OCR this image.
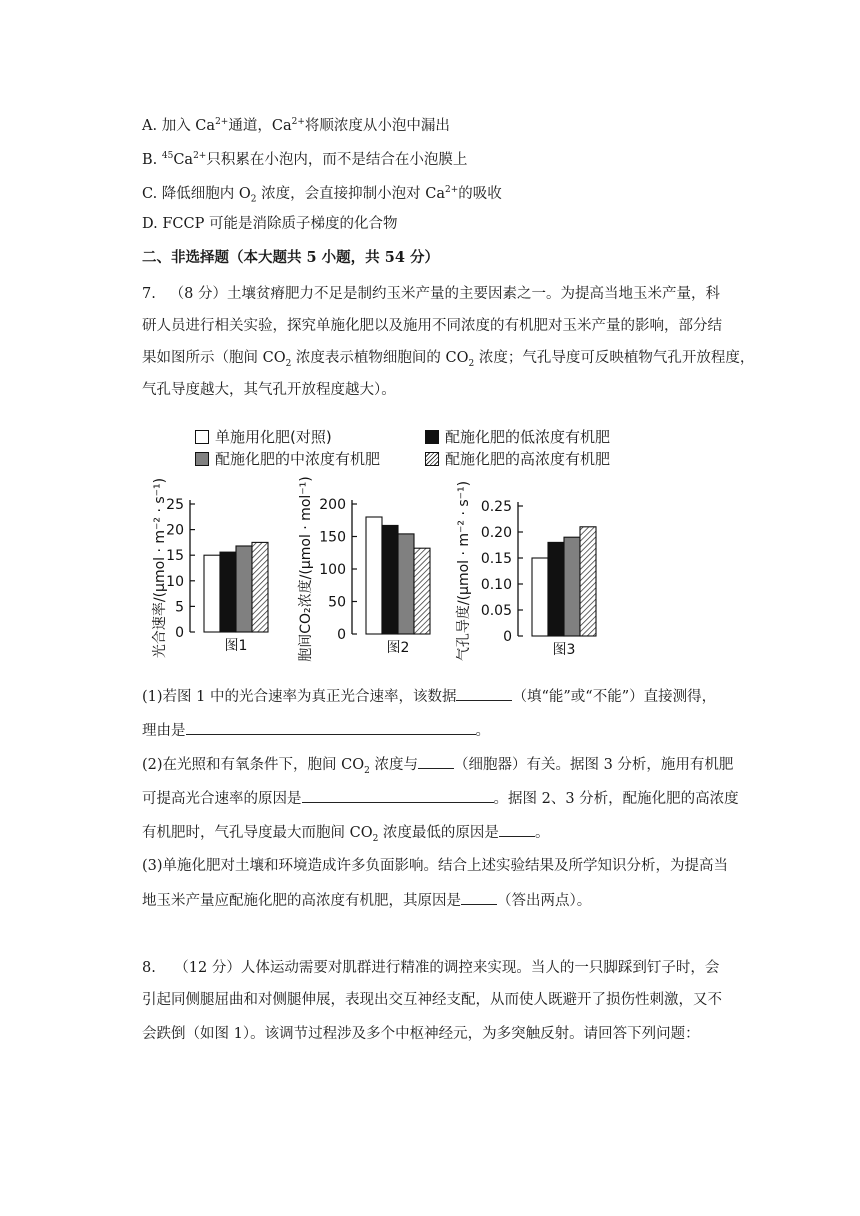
A. 加入 $Ca^{2+}$通道，$Ca^{2+}$将顺浓度从小泡中漏出
B. $^{45}Ca^{2+}$只积累在小泡内，而不是结合在小泡膜上
C. 降低细胞内 $O_2$ 浓度，会直接抑制小泡对 $Ca^{2+}$的吸收
D. FCCP 可能是消除质子梯度的化合物
二、非选择题（本大题共 5 小题，共 54 分）
7. （8 分）土壤贫瘠肥力不足是制约玉米产量的主要因素之一。为提高当地玉米产量，科
研人员进行相关实验，探究单施化肥以及施用不同浓度的有机肥对玉米产量的影响，部分结
果如图所示（胞间 $CO_2$ 浓度表示植物细胞间的 $CO_2$ 浓度；气孔导度可反映植物气孔开放程度，
气孔导度越大，其气孔开放程度越大）。
单施用化肥(对照)	配施化肥的低浓度有机肥
配施化肥的中浓度有机肥	配施化肥的高浓度有机肥
0
5
10
15
20
25
图1
光合速率/(μmol · m⁻² · s⁻¹)	0
50
100
150
200
图2
胞间CO₂浓度/(μmol · mol⁻¹)	0
0.05
0.10
0.15
0.20
0.25
图3
气孔导度/(μmol · m⁻² · s⁻¹)
(1)若图 1 中的光合速率为真正光合速率，该数据	（填“能”或“不能”）直接测得，
理由是	。
(2)在光照和有氧条件下，胞间 $CO_2$ 浓度与 （细胞器）有关。据图 3 分析，施用有机肥
可提高光合速率的原因是	。据图 2、3 分析，配施化肥的高浓度
有机肥时，气孔导度最大而胞间 $CO_2$ 浓度最低的原因是 。
(3)单施化肥对土壤和环境造成许多负面影响。结合上述实验结果及所学知识分析，为提高当
地玉米产量应配施化肥的高浓度有机肥，其原因是 （答出两点）。
8. （12 分）人体运动需要对肌群进行精准的调控来实现。当人的一只脚踩到钉子时，会
引起同侧腿屈曲和对侧腿伸展，表现出交互神经支配，从而使人既避开了损伤性刺激，又不
会跌倒（如图 1）。该调节过程涉及多个中枢神经元，为多突触反射。请回答下列问题：
